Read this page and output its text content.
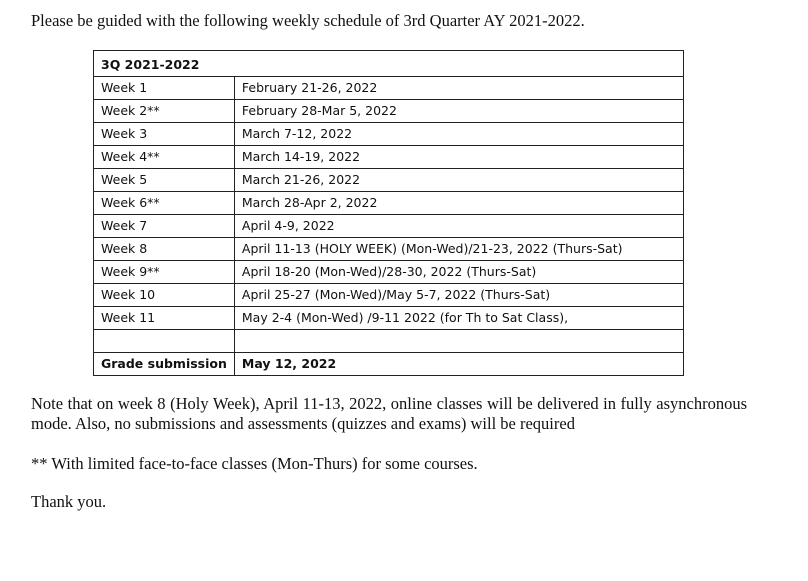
Please be guided with the following weekly schedule of 3rd Quarter AY 2021-2022.
3Q 2021-2022	
Week 1	February 21-26, 2022
Week 2**	February 28-Mar 5, 2022
Week 3	March 7-12, 2022
Week 4**	March 14-19, 2022
Week 5	March 21-26, 2022
Week 6**	March 28-Apr 2, 2022
Week 7	April 4-9, 2022
Week 8	April 11-13 (HOLY WEEK) (Mon-Wed)/21-23, 2022 (Thurs-Sat)
Week 9**	April 18-20 (Mon-Wed)/28-30, 2022 (Thurs-Sat)
Week 10	April 25-27 (Mon-Wed)/May 5-7, 2022 (Thurs-Sat)
Week 11	May 2-4 (Mon-Wed) /9-11 2022 (for Th to Sat Class),

Grade submission	May 12, 2022
Note that on week 8 (Holy Week), April 11-13, 2022, online classes will be delivered in fully asynchronous mode. Also, no submissions and assessments (quizzes and exams) will be required
** With limited face-to-face classes (Mon-Thurs) for some courses.
Thank you.
